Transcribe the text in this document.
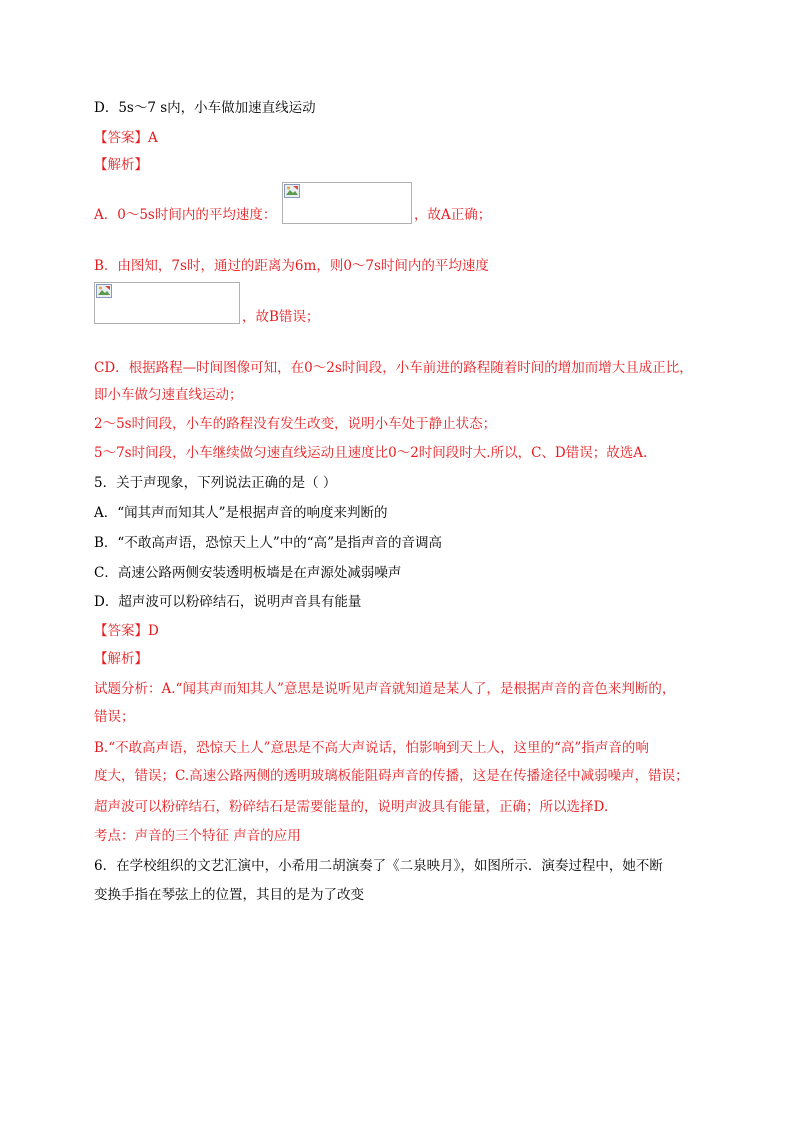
D．5s～7 s内，小车做加速直线运动
【答案】A
【解析】
A．0～5s时间内的平均速度：	，故A正确；
B．由图知，7s时，通过的距离为6m，则0～7s时间内的平均速度
，故B错误；
CD．根据路程—时间图像可知，在0～2s时间段，小车前进的路程随着时间的增加而增大且成正比，
即小车做匀速直线运动；
2～5s时间段，小车的路程没有发生改变，说明小车处于静止状态；
5～7s时间段，小车继续做匀速直线运动且速度比0～2时间段时大.所以，C、D错误；故选A.
5．关于声现象，下列说法正确的是（ ）
A．“闻其声而知其人”是根据声音的响度来判断的
B．“不敢高声语，恐惊天上人”中的“高”是指声音的音调高
C．高速公路两侧安装透明板墙是在声源处减弱噪声
D．超声波可以粉碎结石，说明声音具有能量
【答案】D
【解析】
试题分析：A.“闻其声而知其人”意思是说听见声音就知道是某人了，是根据声音的音色来判断的，
错误；
B.“不敢高声语，恐惊天上人”意思是不高大声说话，怕影响到天上人，这里的“高”指声音的响
度大，错误；C.高速公路两侧的透明玻璃板能阻碍声音的传播，这是在传播途径中减弱噪声，错误；
超声波可以粉碎结石，粉碎结石是需要能量的，说明声波具有能量，正确；所以选择D.
考点：声音的三个特征 声音的应用
6．在学校组织的文艺汇演中，小希用二胡演奏了《二泉映月》，如图所示．演奏过程中，她不断
变换手指在琴弦上的位置，其目的是为了改变
